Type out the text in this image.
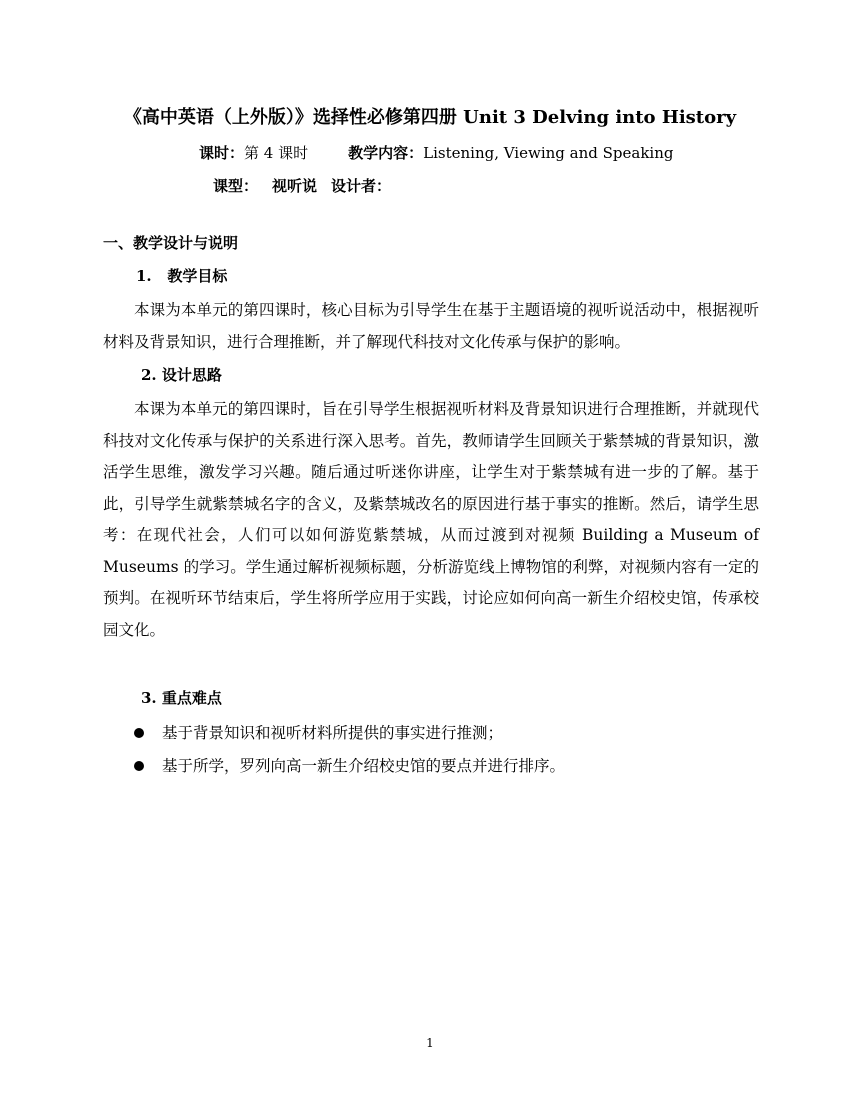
《高中英语（上外版）》选择性必修第四册 Unit 3 Delving into History
课时：第 4 课时	教学内容：Listening, Viewing and Speaking
课型： 视听说 设计者：
一、教学设计与说明
1.   教学目标

本课为本单元的第四课时，核心目标为引导学生在基于主题语境的视听说活动中，根据视听材料及背景知识，进行合理推断，并了解现代科技对文化传承与保护的影响。

2. 设计思路

本课为本单元的第四课时，旨在引导学生根据视听材料及背景知识进行合理推断，并就现代科技对文化传承与保护的关系进行深入思考。首先，教师请学生回顾关于紫禁城的背景知识，激活学生思维，激发学习兴趣。随后通过听迷你讲座，让学生对于紫禁城有进一步的了解。基于此，引导学生就紫禁城名字的含义，及紫禁城改名的原因进行基于事实的推断。然后，请学生思考：在现代社会，人们可以如何游览紫禁城，从而过渡到对视频 Building a Museum of Museums 的学习。学生通过解析视频标题，分析游览线上博物馆的利弊，对视频内容有一定的预判。在视听环节结束后，学生将所学应用于实践，讨论应如何向高一新生介绍校史馆，传承校园文化。

3. 重点难点
基于背景知识和视听材料所提供的事实进行推测；
基于所学，罗列向高一新生介绍校史馆的要点并进行排序。
1
